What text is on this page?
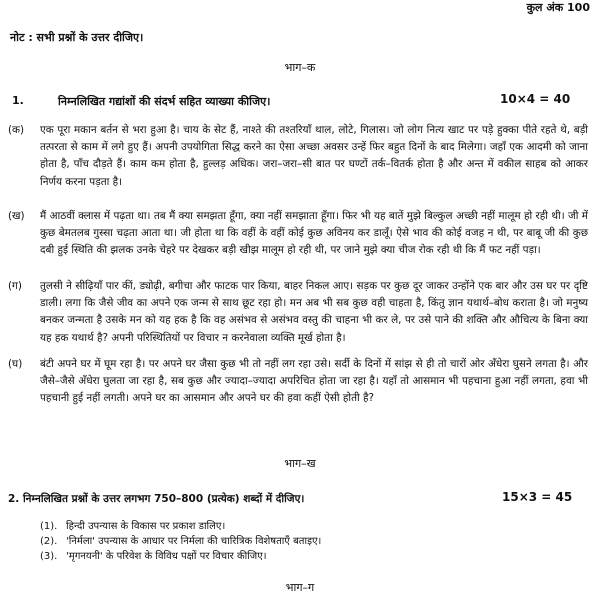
कुल अंक 100
नोट : सभी प्रश्नों के उत्तर दीजिए।
भाग–क
1.	निम्नलिखित गद्यांशों की संदर्भ सहित व्याख्या कीजिए।	10×4 = 40
(क) एक पूरा मकान बर्तन से भरा हुआ है। चाय के सेट हैं, नाश्ते की तश्तरियाँ थाल, लोटे, गिलास। जो लोग नित्य खाट पर पड़े हुक्का पीते रहते थे, बड़ी तत्परता से काम में लगे हुए हैं। अपनी उपयोगिता सिद्ध करने का ऐसा अच्छा अवसर उन्हें फिर बहुत दिनों के बाद मिलेगा। जहाँ एक आदमी को जाना होता है, पाँच दौड़ते हैं। काम कम होता है, हुल्लड़ अधिक। जरा–जरा–सी बात पर घण्टों तर्क–वितर्क होता है और अन्त में वकील साहब को आकर निर्णय करना पड़ता है।
(ख) मैं आठवीं क्लास में पढ़ता था। तब मैं क्या समझता हूँगा, क्या नहीं समझाता हूँगा। फिर भी यह बातें मुझे बिल्कुल अच्छी नहीं मालूम हो रही थी। जी में कुछ बेमतलब गुस्सा चढ़ता आता था। जी होता था कि वहीं के वहीं कोई कुछ अविनय कर डालूँ। ऐसे भाव की कोई वजह न थी, पर बाबू जी की कुछ दबी हुई स्थिति की झलक उनके चेहरे पर देखकर बड़ी खीझ मालूम हो रही थी, पर जाने मुझे क्या चीज रोक रही थी कि मैं फट नहीं पड़ा।
(ग) तुलसी ने सीढ़ियाँ पार कीं, ड्योढ़ी, बगीचा और फाटक पार किया, बाहर निकल आए। सड़क पर कुछ दूर जाकर उन्होंने एक बार और उस घर पर दृष्टि डाली। लगा कि जैसे जीव का अपने एक जन्म से साथ छूट रहा हो। मन अब भी सब कुछ वही चाहता है, किंतु ज्ञान यथार्थ–बोध कराता है। जो मनुष्य बनकर जन्मता है उसके मन को यह हक है कि वह असंभव से असंभव वस्तु की चाहना भी कर ले, पर उसे पाने की शक्ति और औचित्य के बिना क्या यह हक यथार्थ है? अपनी परिस्थितियों पर विचार न करनेवाला व्यक्ति मूर्ख होता है।
(घ) बंटी अपने घर में घूम रहा है। पर अपने घर जैसा कुछ भी तो नहीं लग रहा उसे। सर्दी के दिनों में सांझ से ही तो चारों ओर अँधेरा घुसने लगता है। और जैसे–जैसे अँधेरा घुलता जा रहा है, सब कुछ और ज्यादा–ज्यादा अपरिचित होता जा रहा है। यहाँ तो आसमान भी पहचाना हुआ नहीं लगता, हवा भी पहचानी हुई नहीं लगती। अपने घर का आसमान और अपने घर की हवा कहीं ऐसी होती है?
भाग–ख
2. निम्नलिखित प्रश्नों के उत्तर लगभग 750–800 (प्रत्येक) शब्दों में दीजिए।	15×3 = 45
(1). हिन्दी उपन्यास के विकास पर प्रकाश डालिए।
(2). 'निर्मला' उपन्यास के आधार पर निर्मला की चारित्रिक विशेषताएँ बताइए।
(3). 'मृगनयनी' के परिवेश के विविध पक्षों पर विचार कीजिए।
भाग–ग
